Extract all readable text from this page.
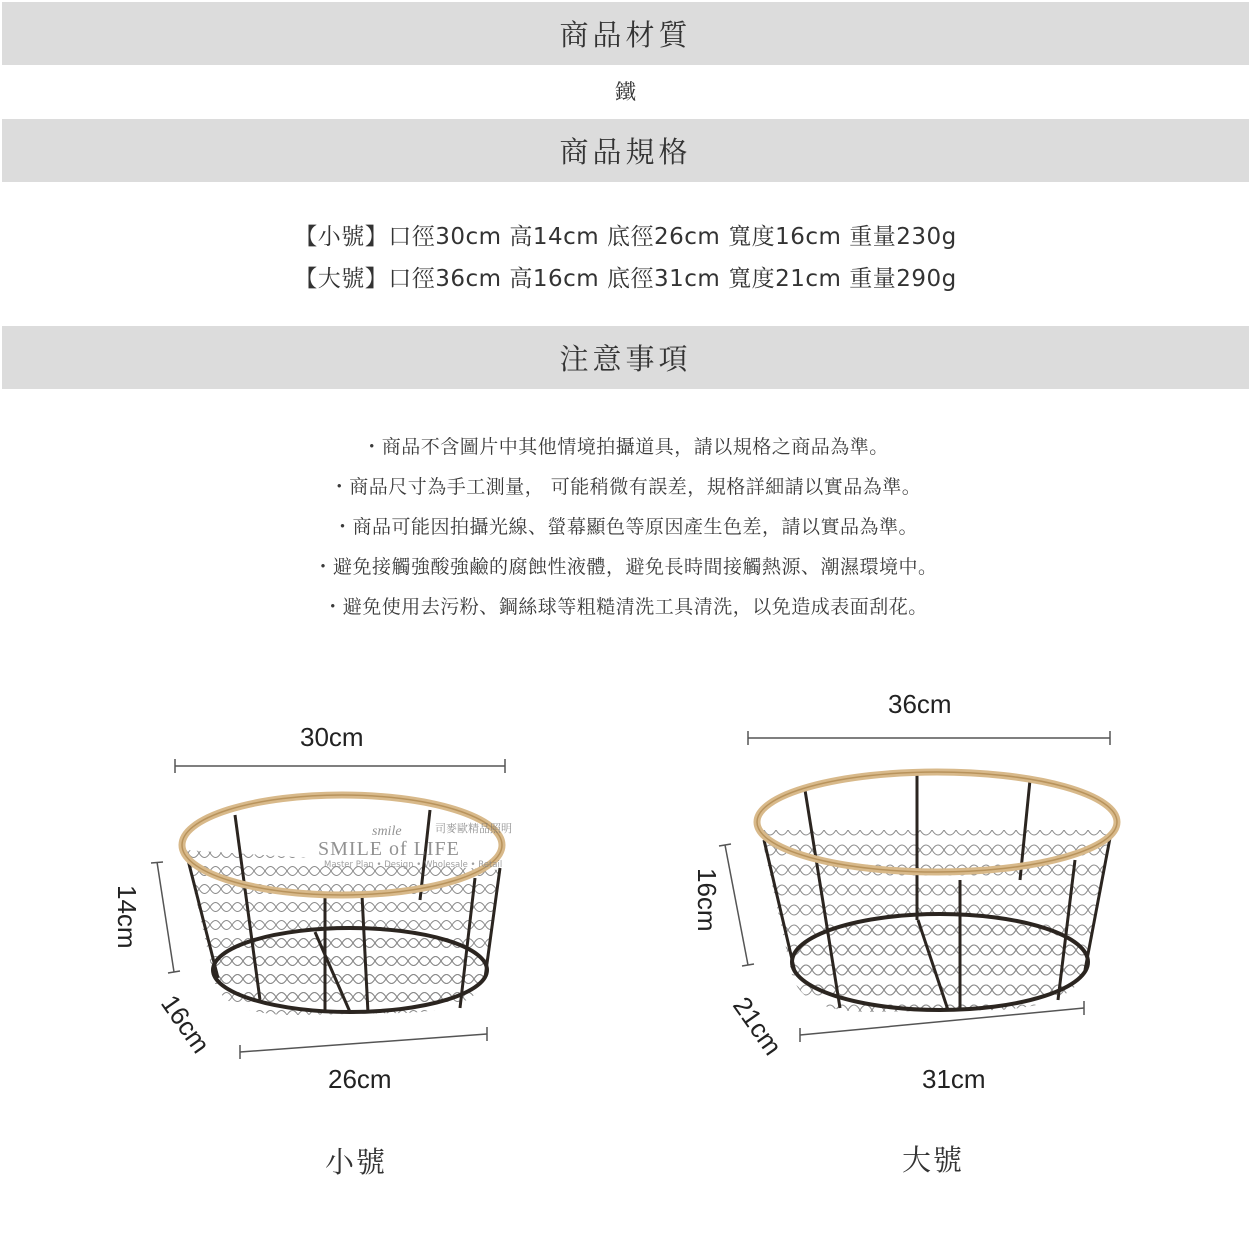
商品材質
鐵
商品規格
【小號】口徑30cm 高14cm 底徑26cm 寬度16cm 重量230g
【大號】口徑36cm 高16cm 底徑31cm 寬度21cm 重量290g
注意事項
・商品不含圖片中其他情境拍攝道具，請以規格之商品為準。
・商品尺寸為手工測量， 可能稍微有誤差，規格詳細請以實品為準。
・商品可能因拍攝光線、螢幕顯色等原因產生色差，請以實品為準。
・避免接觸強酸強鹼的腐蝕性液體，避免長時間接觸熱源、潮濕環境中。
・避免使用去污粉、鋼絲球等粗糙清洗工具清洗，以免造成表面刮花。
smile	司麥歐精品照明
SMILE of LIFE
Master Plan • Design • Wholesale • Retail
30cm
14cm
16cm
26cm
36cm
16cm
21cm
31cm
小號	大號
